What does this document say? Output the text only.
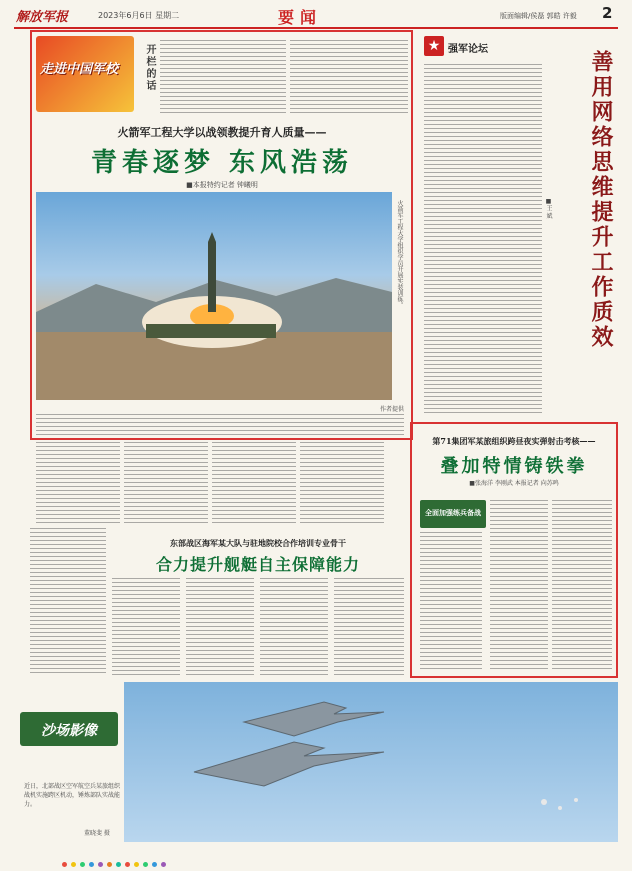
解放军报	2023年6月6日 星期二	要闻	版面编辑/侯磊 郭皓 许毅 2
走进中国军校	开栏的话
火箭军工程大学以战领教提升育人质量——
青春逐梦 东风浩荡
■本报特约记者 钟曦明
火箭军工程大学组织学员开展实装训练。
作者提供
★ 强军论坛
善用网络思维提升工作质效
■王 斌
第71集团军某旅组织跨昼夜实弹射击考核——
叠加特情铸铁拳
■张海洋 李刚武 本报记者 向苏鸣
全面加强练兵备战
东部战区海军某大队与驻地院校合作培训专业骨干
合力提升舰艇自主保障能力
沙场影像
近日，北部战区空军航空兵某旅组织战机实施跨区机动，锤炼部队实战能力。
董晓斐 摄
